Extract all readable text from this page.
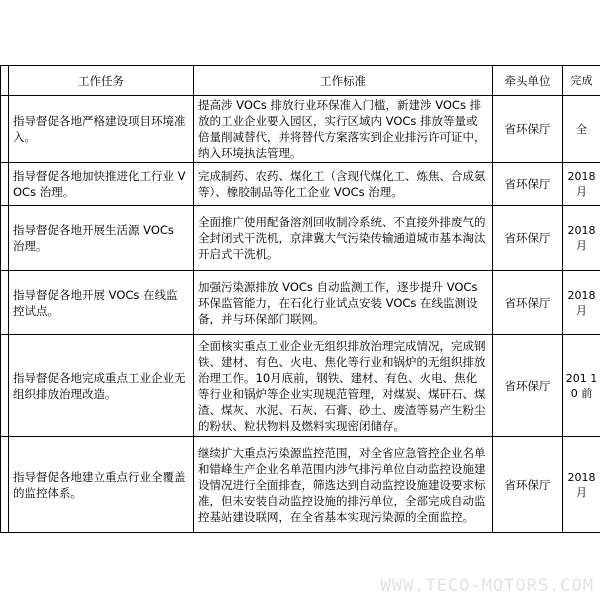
	工作任务	工作标准	牵头单位	完成
	指导督促各地严格建设项目环境准入。	提高涉 VOCs 排放行业环保准入门槛，新建涉 VOCs 排放的工业企业要入园区，实行区域内 VOCs 排放等量或倍量削减替代，并将替代方案落实到企业排污许可证中，纳入环境执法管理。	省环保厅	全
	指导督促各地加快推进化工行业 VOCs 治理。	完成制药、农药、煤化工（含现代煤化工、炼焦、合成氨等）、橡胶制品等化工企业 VOCs 治理。	省环保厅	2018 月
	指导督促各地开展生活源 VOCs 治理。	全面推广使用配备溶剂回收制冷系统、不直接外排废气的全封闭式干洗机，京津冀大气污染传输通道城市基本淘汰开启式干洗机。	省环保厅	2018 月
	指导督促各地开展 VOCs 在线监控试点。	加强污染源排放 VOCs 自动监测工作，逐步提升 VOCs 环保监管能力，在石化行业试点安装 VOCs 在线监测设备，并与环保部门联网。	省环保厅	2018 月
	指导督促各地完成重点工业企业无组织排放治理改造。	全面核实重点工业企业无组织排放治理完成情况，完成钢铁、建材、有色、火电、焦化等行业和锅炉的无组织排放治理工作。10月底前，钢铁、建材、有色、火电、焦化等行业和锅炉等企业实现规范管理，对煤炭、煤矸石、煤渣、煤灰、水泥、石灰、石膏、砂土、废渣等易产生粉尘的粉状、粒状物料及燃料实现密闭储存。	省环保厅	201 10 前
	指导督促各地建立重点行业全覆盖的监控体系。	继续扩大重点污染源监控范围，对全省应急管控企业名单和错峰生产企业名单范围内涉气排污单位自动监控设施建设情况进行全面排查，筛选达到自动监控设施建设要求标准，但未安装自动监控设施的排污单位，全部完成自动监控基站建设联网，在全省基本实现污染源的全面监控。	省环保厅	2018 月
WWW.TECO-MOTORS.COM
